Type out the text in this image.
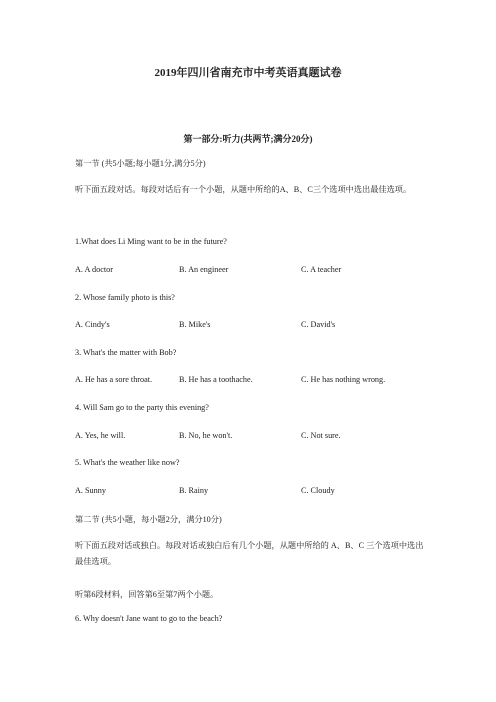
2019年四川省南充市中考英语真题试卷
第一部分:听力(共两节;满分20分)
第一节 (共5小题;每小题1分,满分5分)
听下面五段对话。每段对话后有一个小题，从题中所给的A、B、C三个选项中选出最佳选项。
1.What does Li Ming want to be in the future?
A. A doctor	B. An engineer	C. A teacher
2. Whose family photo is this?
A. Cindy's	B. Mike's	C. David's
3. What's the matter with Bob?
A. He has a sore throat.	B. He has a toothache.	C. He has nothing wrong.
4. Will Sam go to the party this evening?
A. Yes, he will.	B. No, he won't.	C. Not sure.
5. What's the weather like now?
A. Sunny	B. Rainy	C. Cloudy
第二节 (共5小题，每小题2分，满分10分)
听下面五段对话或独白。每段对话或独白后有几个小题，从题中所给的 A、B、C 三个选项中选出最佳选项。
听第6段材料，回答第6至第7两个小题。
6. Why doesn't Jane want to go to the beach?
